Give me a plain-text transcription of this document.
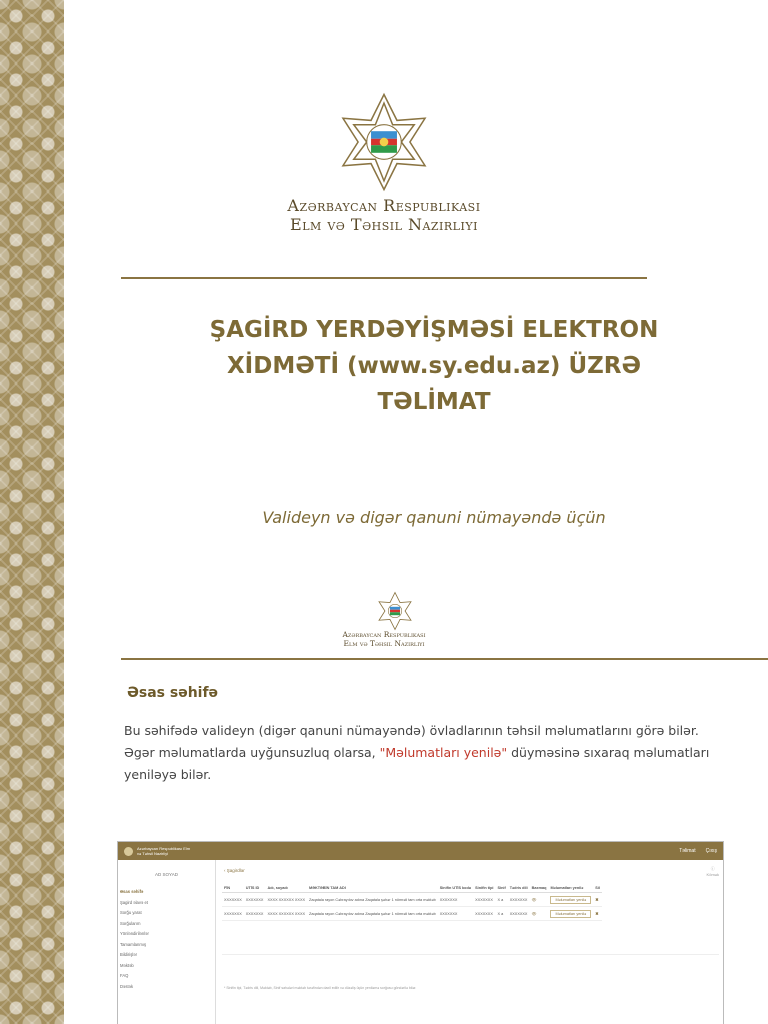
Azərbaycan Respublikası
Elm və Təhsil Nazirliyi
ŞAGİRD YERDƏYİŞMƏSİ ELEKTRON
XİDMƏTİ (www.sy.edu.az) ÜZRƏ
TƏLİMAT
Valideyn və digər qanuni nümayəndə üçün
Azərbaycan Respublikası
Elm və Təhsil Nazirliyi
Əsas səhifə

Bu səhifədə valideyn (digər qanuni nümayəndə) övladlarının təhsil məlumatlarını görə bilər. Əgər məlumatlarda uyğunsuzluq olarsa, "Məlumatları yenilə" düyməsinə sıxaraq məlumatları yeniləyə bilər.

Azərbaycan Respublikası Elm və Təhsil Nazirliyi	Təlimat Çıxış
AD SOYAD
Əsas səhifə
Şagird əlavə et
Sorğu yarat
Sorğularım
Yönləndirilənlər
Tamamlanmış
Bildirişlər
Məktəb
FAQ
Dəstək
‹ Şagirdlər	ⓘ
Kömək
FİN	UTİS ID	Adı, soyadı	MƏKTƏBİN TAM ADI	Sinifin UTİS kodu	Sinifin tipi	Sinif	Tədris dili	Baxmaq	Məlumatları yenilə	Sil
XXXXXXX	XXXXXXX	XXXX XXXXXX XXXX	Zaqatala rayon Cəbrayılov adına Zaqatala şəhər 1 nömrəli tam orta məktəb	XXXXXXX	XXXXXXX	X a	XXXXXXX	👁	Məlumatları yenilə	✖
XXXXXXX	XXXXXXX	XXXX XXXXXX XXXX	Zaqatala rayon Cəbrayılov adına Zaqatala şəhər 1 nömrəli tam orta məktəb	XXXXXXX	XXXXXXX	X a	XXXXXXX	👁	Məlumatları yenilə	✖
* Sinifin tipi, Tədris dili, Məktəb, Sinif sahələri məktəb tərəfindən daxil edilir və düzəliş üçün yeniləmə sorğusu göndərilə bilər.
